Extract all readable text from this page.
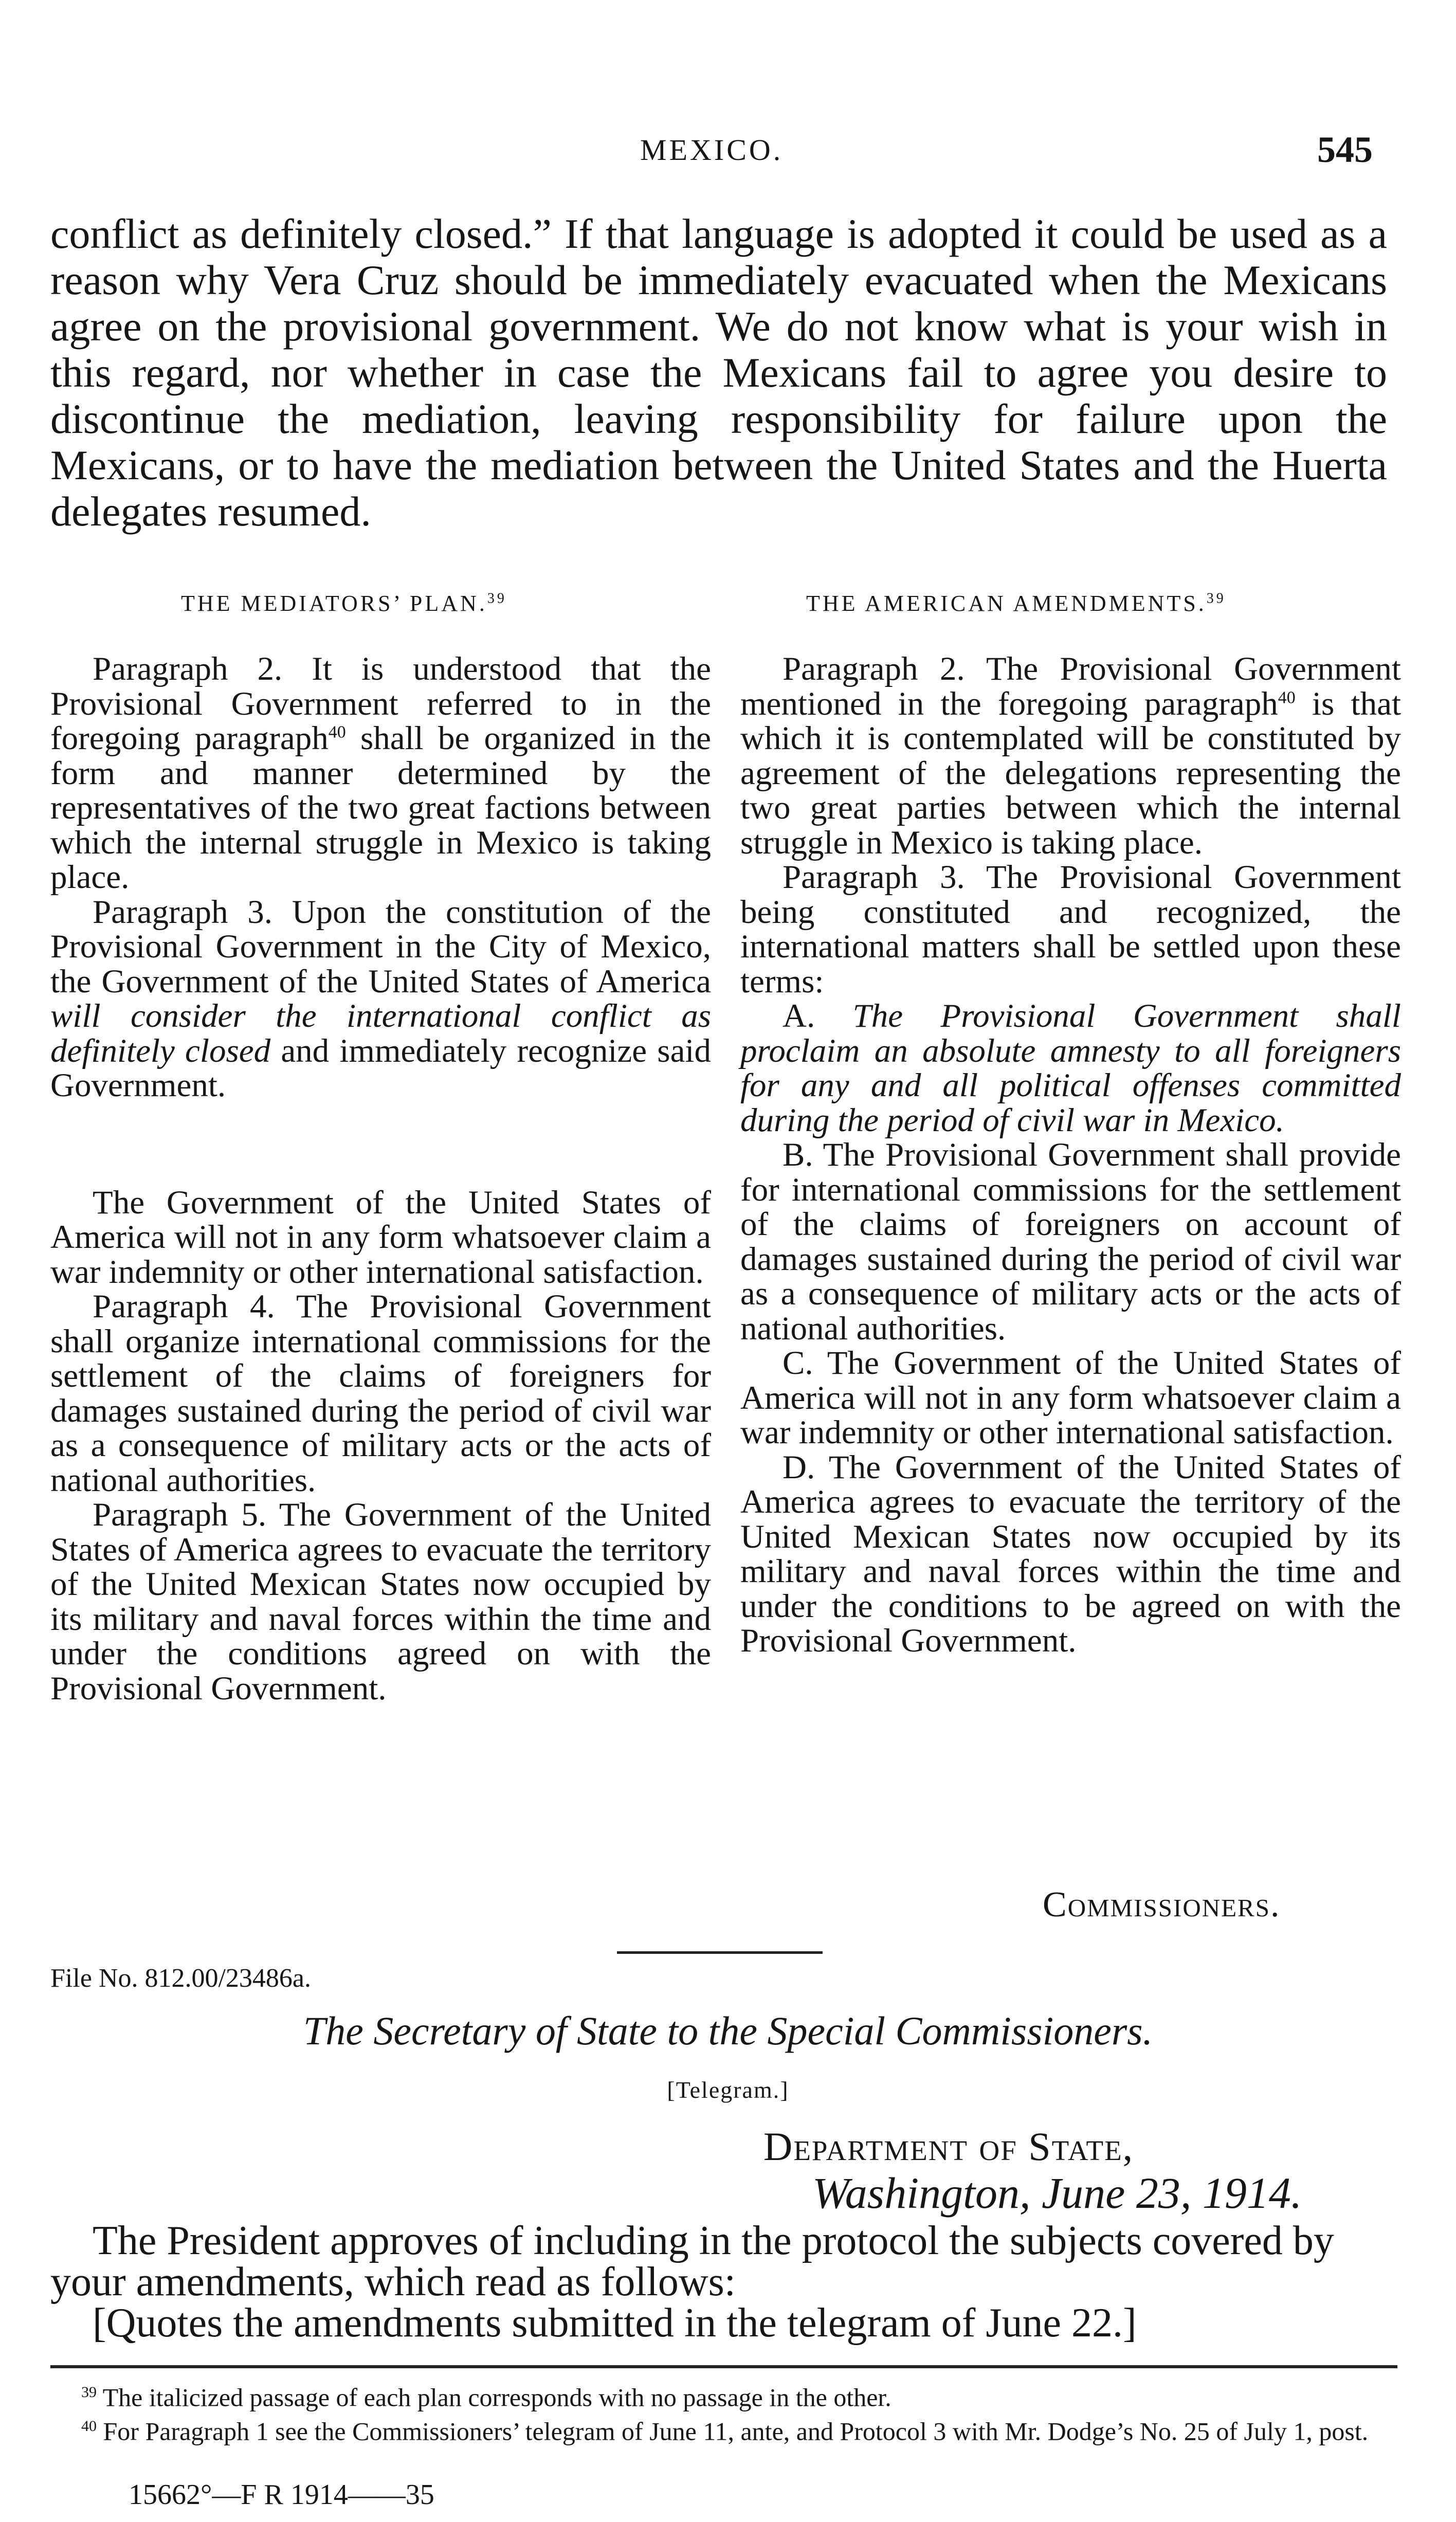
MEXICO.	545

conflict as definitely closed.” If that language is adopted it could be used as a reason why Vera Cruz should be immediately evacuated when the Mexicans agree on the provisional government. We do not know what is your wish in this regard, nor whether in case the Mexicans fail to agree you desire to discontinue the mediation, leaving responsibility for failure upon the Mexicans, or to have the mediation between the United States and the Huerta delegates resumed.

THE MEDIATORS’ PLAN.$^{39}$	THE AMERICAN AMENDMENTS.$^{39}$

Paragraph 2. It is understood that the Provisional Government referred to in the foregoing paragraph$^{40}$ shall be organized in the form and manner determined by the representatives of the two great factions between which the internal struggle in Mexico is taking place.

Paragraph 3. Upon the constitution of the Provisional Government in the City of Mexico, the Government of the United States of America will consider the international conflict as definitely closed and immediately recognize said Government.

The Government of the United States of America will not in any form whatsoever claim a war indemnity or other international satisfaction.

Paragraph 4. The Provisional Government shall organize international commissions for the settlement of the claims of foreigners for damages sustained during the period of civil war as a consequence of military acts or the acts of national authorities.

Paragraph 5. The Government of the United States of America agrees to evacuate the territory of the United Mexican States now occupied by its military and naval forces within the time and under the conditions agreed on with the Provisional Government.

Paragraph 2. The Provisional Government mentioned in the foregoing paragraph$^{40}$ is that which it is contemplated will be constituted by agreement of the delegations representing the two great parties between which the internal struggle in Mexico is taking place.

Paragraph 3. The Provisional Government being constituted and recognized, the international matters shall be settled upon these terms:

A. The Provisional Government shall proclaim an absolute amnesty to all foreigners for any and all political offenses committed during the period of civil war in Mexico.

B. The Provisional Government shall provide for international commissions for the settlement of the claims of foreigners on account of damages sustained during the period of civil war as a consequence of military acts or the acts of national authorities.

C. The Government of the United States of America will not in any form whatsoever claim a war indemnity or other international satisfaction.

D. The Government of the United States of America agrees to evacuate the territory of the United Mexican States now occupied by its military and naval forces within the time and under the conditions to be agreed on with the Provisional Government.

Commissioners.
File No. 812.00/23486a.
The Secretary of State to the Special Commissioners.
[Telegram.]
Department of State,
Washington, June 23, 1914.

The President approves of including in the protocol the subjects covered by your amendments, which read as follows:
[Quotes the amendments submitted in the telegram of June 22.]

$^{39}$ The italicized passage of each plan corresponds with no passage in the other.

$^{40}$ For Paragraph 1 see the Commissioners’ telegram of June 11, ante, and Protocol 3 with Mr. Dodge’s No. 25 of July 1, post.

15662°—F R 1914——35
